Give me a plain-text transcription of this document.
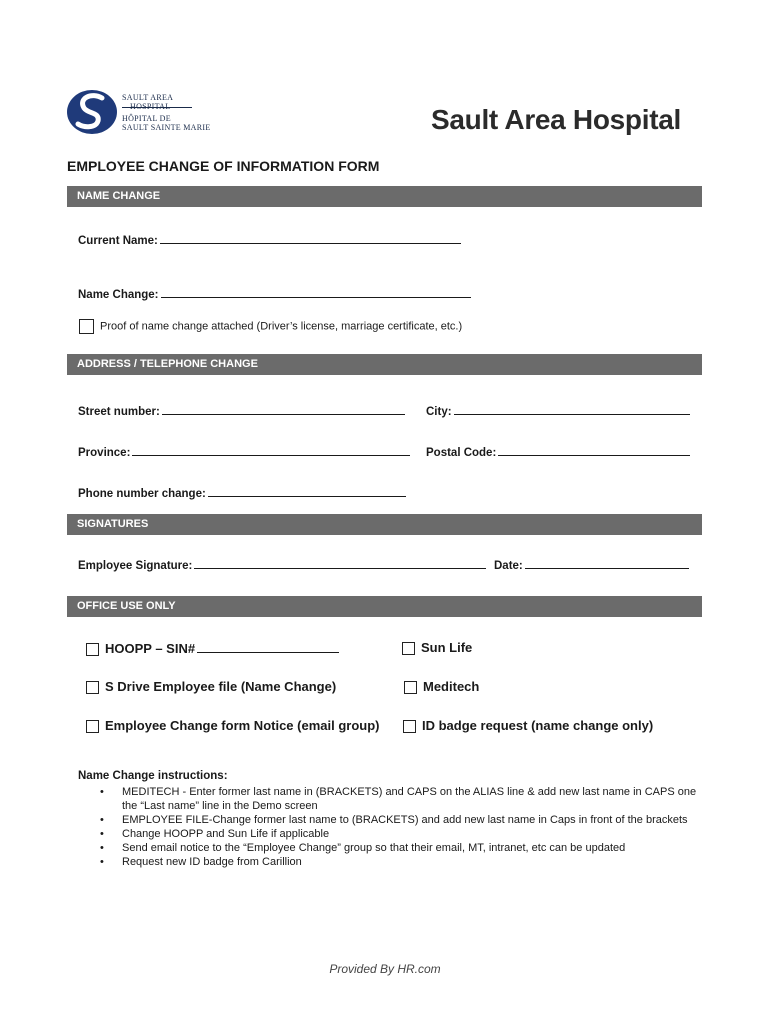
SAULT AREA
HÔPITAL DE
SAULT SAINTE MARIE	Sault Area Hospital
EMPLOYEE CHANGE OF INFORMATION FORM
NAME CHANGE
Current Name:
Name Change:
Proof of name change attached (Driver’s license, marriage certificate, etc.)
ADDRESS / TELEPHONE CHANGE
Street number:	City:
Province:	Postal Code:
Phone number change:
SIGNATURES
Employee Signature:	Date:
OFFICE USE ONLY
HOOPP – SIN#	Sun Life
S Drive Employee file (Name Change)	Meditech
Employee Change form Notice (email group)	ID badge request (name change only)
Name Change instructions:
• MEDITECH - Enter former last name in (BRACKETS) and CAPS on the ALIAS line & add new last name in CAPS one the “Last name” line in the Demo screen
• EMPLOYEE FILE-Change former last name to (BRACKETS) and add new last name in Caps in front of the brackets
• Change HOOPP and Sun Life if applicable
• Send email notice to the “Employee Change” group so that their email, MT, intranet, etc can be updated
• Request new ID badge from Carillion
Provided By HR.com
